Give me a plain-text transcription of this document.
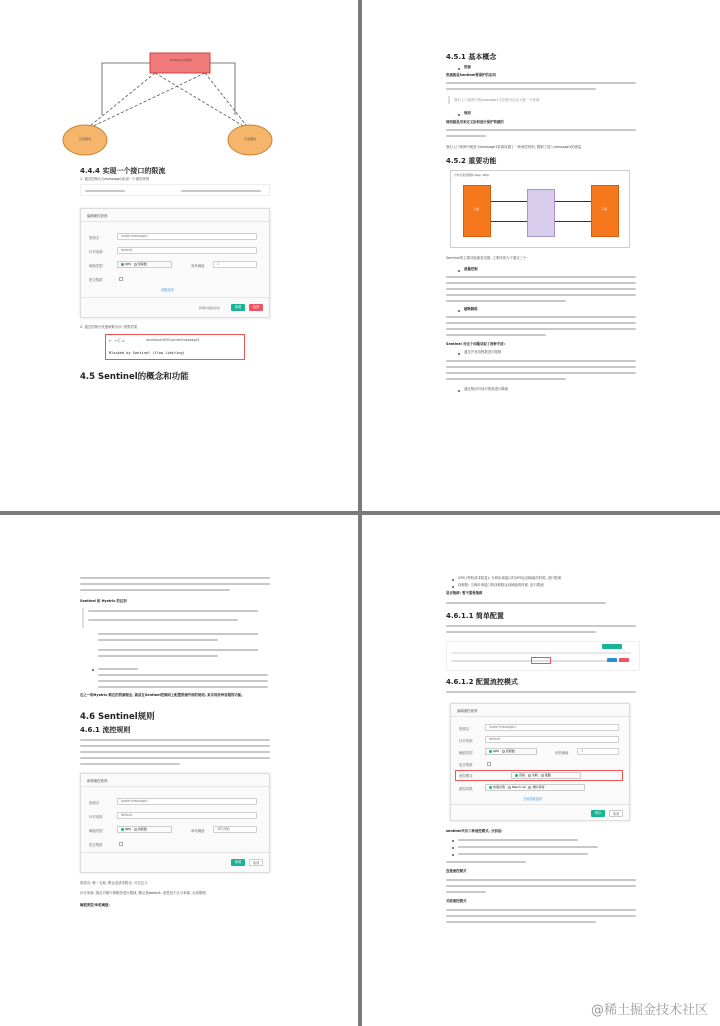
Sentinel 控制台
应用服务	应用服务
4.4.4 实现一个接口的限流
1. 通过控制台为message1添加一个流控规则
编辑流控规则
资源名	/order/message1
针对来源	default
阈值类型	QPS 线程数	单机阈值	1
是否集群
高级选项
新增并继续添加	新增	取消
2. 通过控制台快速频繁访问, 观察效果
← → C ⌂	localhost:8091/order/message1
Blocked by Sentinel (flow limiting)
4.5 Sentinel的概念和功能
4.5.1 基本概念
资源
资源就是Sentinel要保护的东西
我们入门案例中的message1方法就可以认为是一个资源
规则
规则就是用来定义如何进行保护资源的
我们入门案例中就是为message1资源设置了一种流控规则, 限制了进入message1的流量
4.5.2 重要功能
分布式系统架构 (app, http)
上游	下游
Sentinel的主要功能就是容错, 主要体现为下面这三个:
流量控制
熔断降级
Sentinel 对这个问题采取了两种手段:
通过并发线程数进行限制
通过响应时间对资源进行降级
Sentinel 和 Hystrix 的区别
在之一和Hystrix 路在的资源理念, 就是在Sentinel控制面上配置资源外部的规则, 来实现各种容错的功能。
4.6 Sentinel规则
4.6.1 流控规则
新增流控规则
资源名	/order/message1
针对来源	default
阈值类型	QPS 线程数	单机阈值	单机阈值
是否集群
新增	取消
资源名: 唯一名称, 默认是请求路径, 可自定义
针对来源: 指定对哪个微服务进行限流, 默认指default, 意思是不区分来源, 全部限制
阈值类型/单机阈值:
QPS (每秒请求数量): 当调用该接口的QPS达到阈值的时候, 进行限流
线程数: 当调用该接口的线程数达到阈值的时候, 进行限流
是否集群: 暂不需要集群
4.6.1.1 简单配置
4.6.1.2 配置流控模式
编辑流控规则
资源名	/order/message1
针对来源	default
阈值类型	QPS 线程数	单机阈值	3
是否集群
流控模式	直接 关联 链路
流控效果	快速失败 Warm Up 排队等待
关闭高级选项
保存	取消
sentinel共有三种流控模式, 分别是:
直接流控模式
关联流控模式
@稀土掘金技术社区
